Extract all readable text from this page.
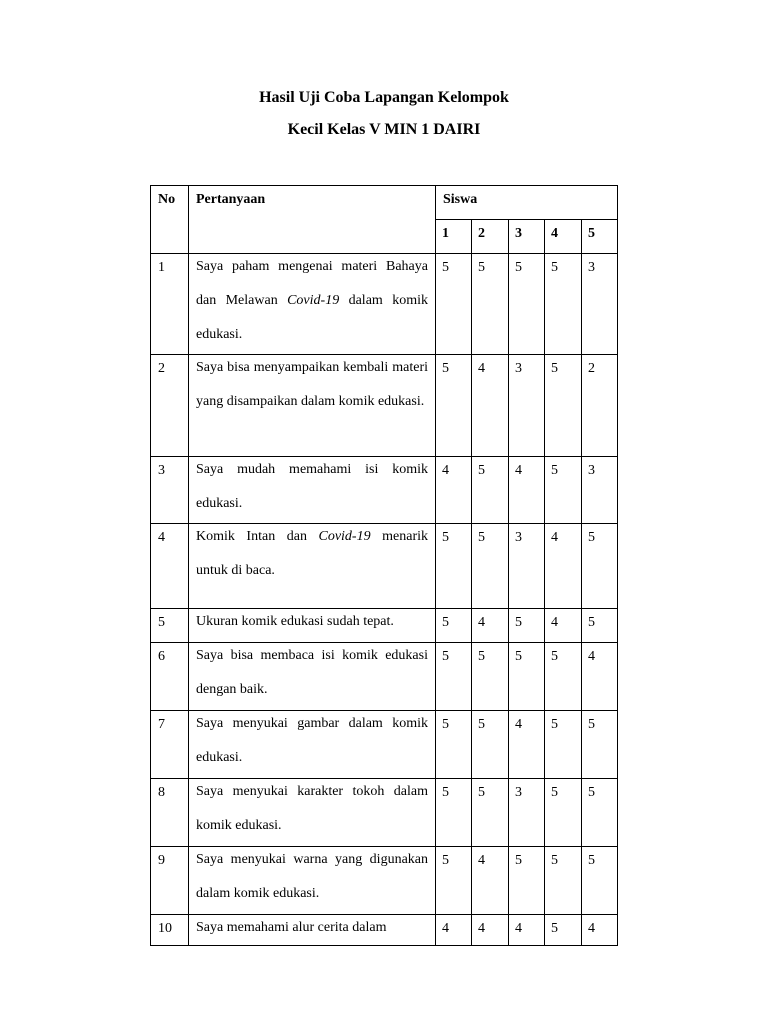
Hasil Uji Coba Lapangan Kelompok
Kecil Kelas V MIN 1 DAIRI
No	Pertanyaan	Siswa				
		1	2	3	4	5
1	Saya paham mengenai materi Bahaya dan Melawan Covid-19 dalam komik edukasi.	5	5	5	5	3
2	Saya bisa menyampaikan kembali materi yang disampaikan dalam komik edukasi.	5	4	3	5	2
3	Saya mudah memahami isi komik edukasi.	4	5	4	5	3
4	Komik Intan dan Covid-19 menarik untuk di baca.	5	5	3	4	5
5	Ukuran komik edukasi sudah tepat.	5	4	5	4	5
6	Saya bisa membaca isi komik edukasi dengan baik.	5	5	5	5	4
7	Saya menyukai gambar dalam komik edukasi.	5	5	4	5	5
8	Saya menyukai karakter tokoh dalam komik edukasi.	5	5	3	5	5
9	Saya menyukai warna yang digunakan dalam komik edukasi.	5	4	5	5	5
10	Saya memahami alur cerita dalam	4	4	4	5	4
